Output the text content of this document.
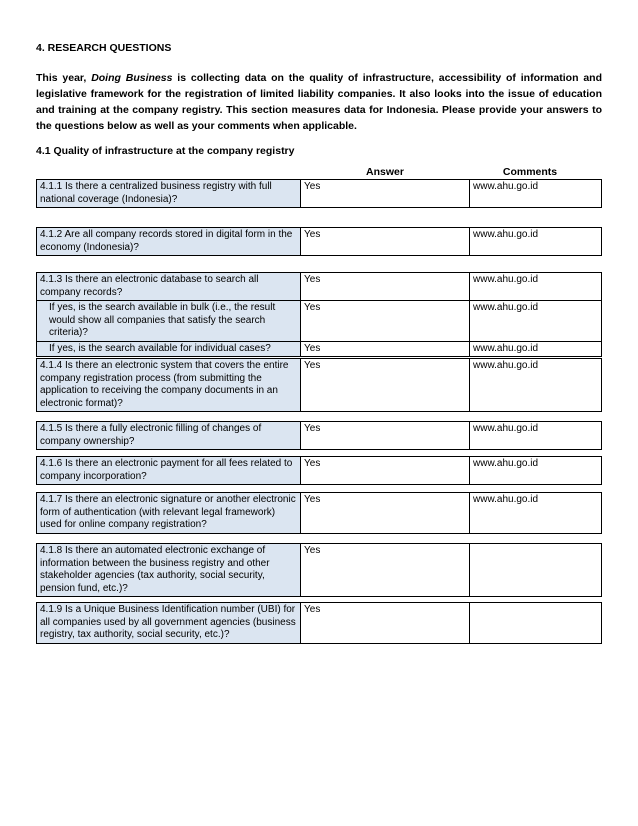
4. RESEARCH QUESTIONS
This year, Doing Business is collecting data on the quality of infrastructure, accessibility of information and legislative framework for the registration of limited liability companies. It also looks into the issue of education and training at the company registry. This section measures data for Indonesia. Please provide your answers to the questions below as well as your comments when applicable.
4.1 Quality of infrastructure at the company registry
Answer	Comments
4.1.1 Is there a centralized business registry with full national coverage (Indonesia)?	Yes	www.ahu.go.id
4.1.2 Are all company records stored in digital form in the economy (Indonesia)?	Yes	www.ahu.go.id
4.1.3 Is there an electronic database to search all company records?	Yes	www.ahu.go.id
If yes, is the search available in bulk (i.e., the result would show all companies that satisfy the search criteria)?	Yes	www.ahu.go.id
If yes, is the search available for individual cases?	Yes	www.ahu.go.id
4.1.4 Is there an electronic system that covers the entire company registration process (from submitting the application to receiving the company documents in an electronic format)?	Yes	www.ahu.go.id
4.1.5 Is there a fully electronic filling of changes of company ownership?	Yes	www.ahu.go.id
4.1.6 Is there an electronic payment for all fees related to company incorporation?	Yes	www.ahu.go.id
4.1.7 Is there an electronic signature or another electronic form of authentication (with relevant legal framework) used for online company registration?	Yes	www.ahu.go.id
4.1.8 Is there an automated electronic exchange of information between the business registry and other stakeholder agencies (tax authority, social security, pension fund, etc.)?	Yes	
4.1.9 Is a Unique Business Identification number (UBI) for all companies used by all government agencies (business registry, tax authority, social security, etc.)?	Yes	
